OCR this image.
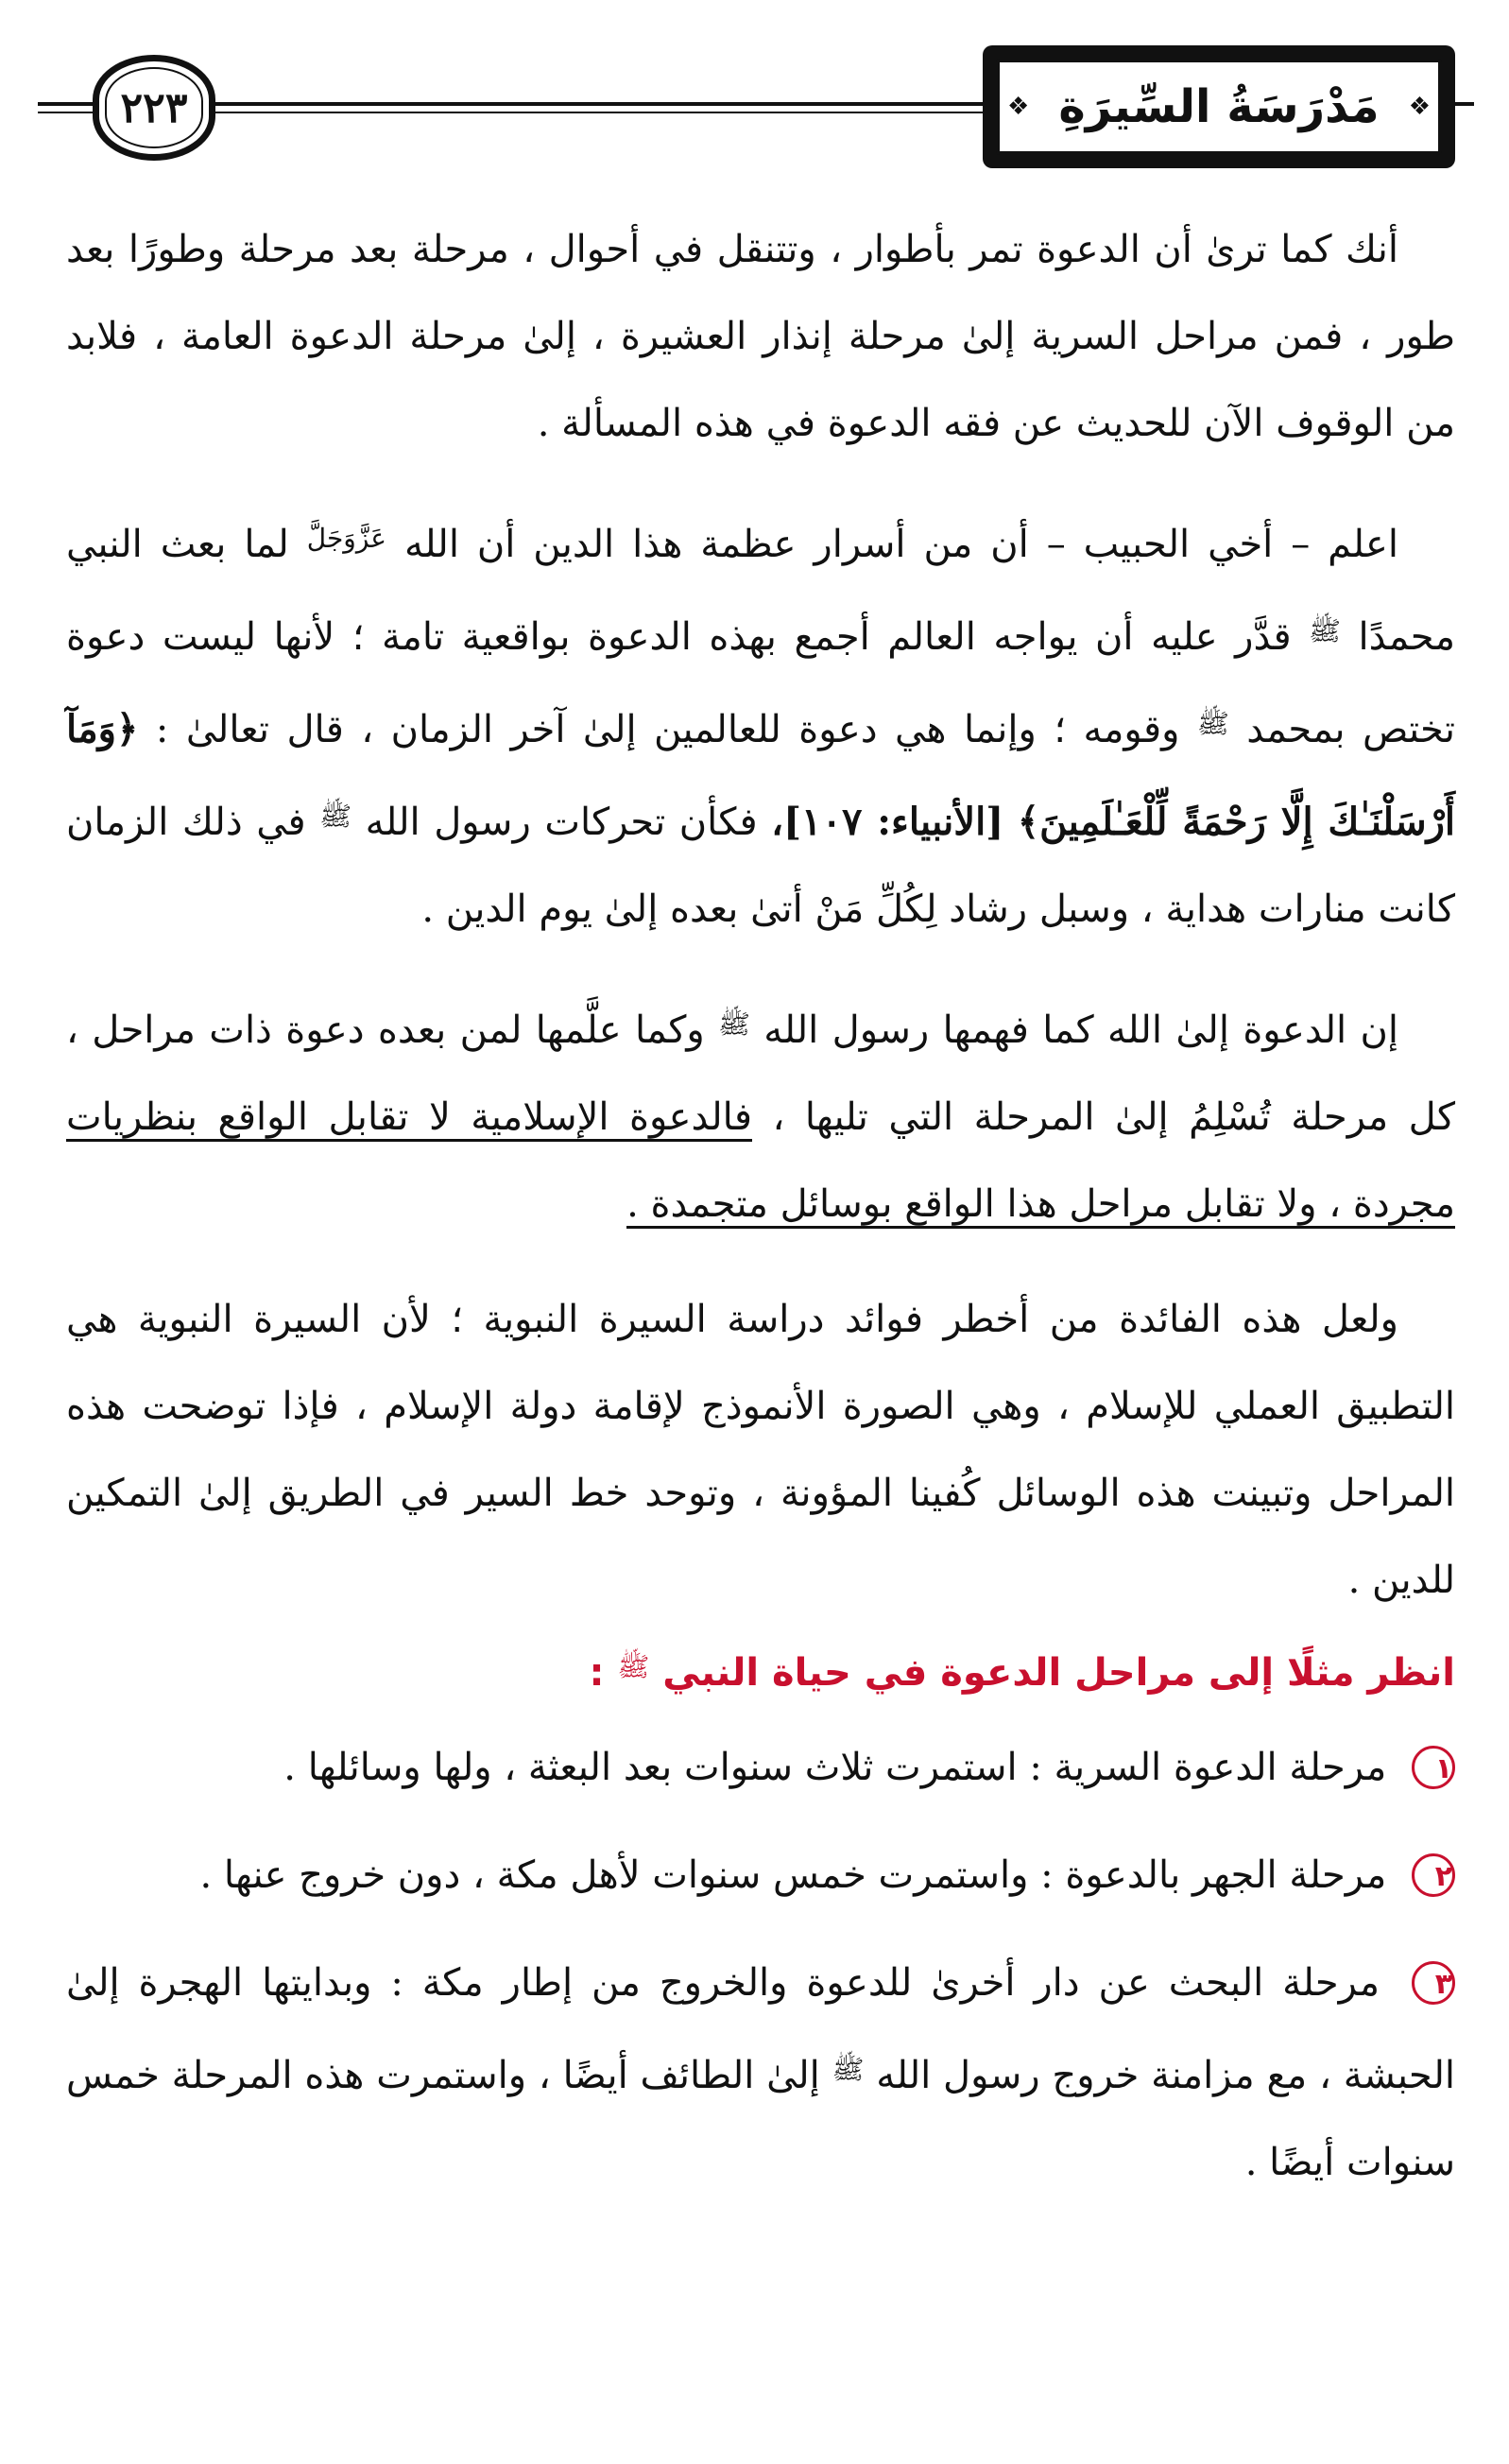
٢٢٣
❖	مَدْرَسَةُ السِّيرَةِ
❖

أنك كما ترىٰ أن الدعوة تمر بأطوار ، وتتنقل في أحوال ، مرحلة بعد مرحلة وطورًا بعد طور ، فمن مراحل السرية إلىٰ مرحلة إنذار العشيرة ، إلىٰ مرحلة الدعوة العامة ، فلابد من الوقوف الآن للحديث عن فقه الدعوة في هذه المسألة .

اعلم – أخي الحبيب – أن من أسرار عظمة هذا الدين أن الله $^{عَزَّوَجَلَّ}$ لما بعث النبي محمدًا $^ﷺ$ قدَّر عليه أن يواجه العالم أجمع بهذه الدعوة بواقعية تامة ؛ لأنها ليست دعوة تختص بمحمد $^ﷺ$ وقومه ؛ وإنما هي دعوة للعالمين إلىٰ آخر الزمان ، قال تعالىٰ : ﴿وَمَآ أَرْسَلْنَـٰكَ إِلَّا رَحْمَةً لِّلْعَـٰلَمِينَ﴾ [الأنبياء: ١٠٧]، فكأن تحركات رسول الله $^ﷺ$ في ذلك الزمان كانت منارات هداية ، وسبل رشاد لِكُلِّ مَنْ أتىٰ بعده إلىٰ يوم الدين .

إن الدعوة إلىٰ الله كما فهمها رسول الله $^ﷺ$ وكما علَّمها لمن بعده دعوة ذات مراحل ، كل مرحلة تُسْلِمُ إلىٰ المرحلة التي تليها ، فالدعوة الإسلامية لا تقابل الواقع بنظريات مجردة ، ولا تقابل مراحل هذا الواقع بوسائل متجمدة .

ولعل هذه الفائدة من أخطر فوائد دراسة السيرة النبوية ؛ لأن السيرة النبوية هي التطبيق العملي للإسلام ، وهي الصورة الأنموذج لإقامة دولة الإسلام ، فإذا توضحت هذه المراحل وتبينت هذه الوسائل كُفينا المؤونة ، وتوحد خط السير في الطريق إلىٰ التمكين للدين .

انظر مثلًا إلى مراحل الدعوة في حياة النبي $^ﷺ$ :

١ مرحلة الدعوة السرية : استمرت ثلاث سنوات بعد البعثة ، ولها وسائلها .

٢ مرحلة الجهر بالدعوة : واستمرت خمس سنوات لأهل مكة ، دون خروج عنها .

٣ مرحلة البحث عن دار أخرىٰ للدعوة والخروج من إطار مكة : وبدايتها الهجرة إلىٰ الحبشة ، مع مزامنة خروج رسول الله $^ﷺ$ إلىٰ الطائف أيضًا ، واستمرت هذه المرحلة خمس سنوات أيضًا .
